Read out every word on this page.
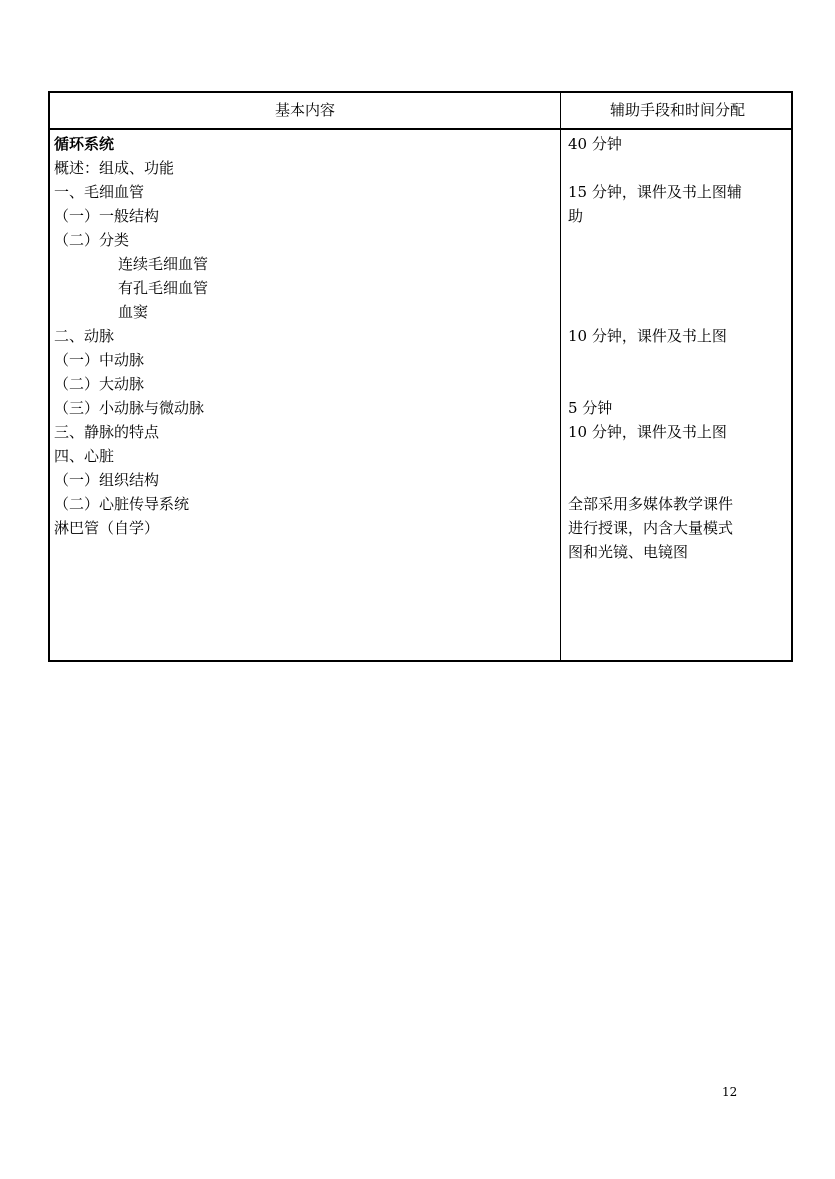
基本内容	辅助手段和时间分配
循环系统
概述：组成、功能
一、毛细血管
（一）一般结构
（二）分类
连续毛细血管
有孔毛细血管
血窦
二、动脉
（一）中动脉
（二）大动脉
（三）小动脉与微动脉
三、静脉的特点
四、心脏
（一）组织结构
（二）心脏传导系统
淋巴管（自学）
40 分钟
15 分钟，课件及书上图辅
助
10 分钟，课件及书上图
5 分钟
10 分钟，课件及书上图
全部采用多媒体教学课件
进行授课，内含大量模式
图和光镜、电镜图
12
